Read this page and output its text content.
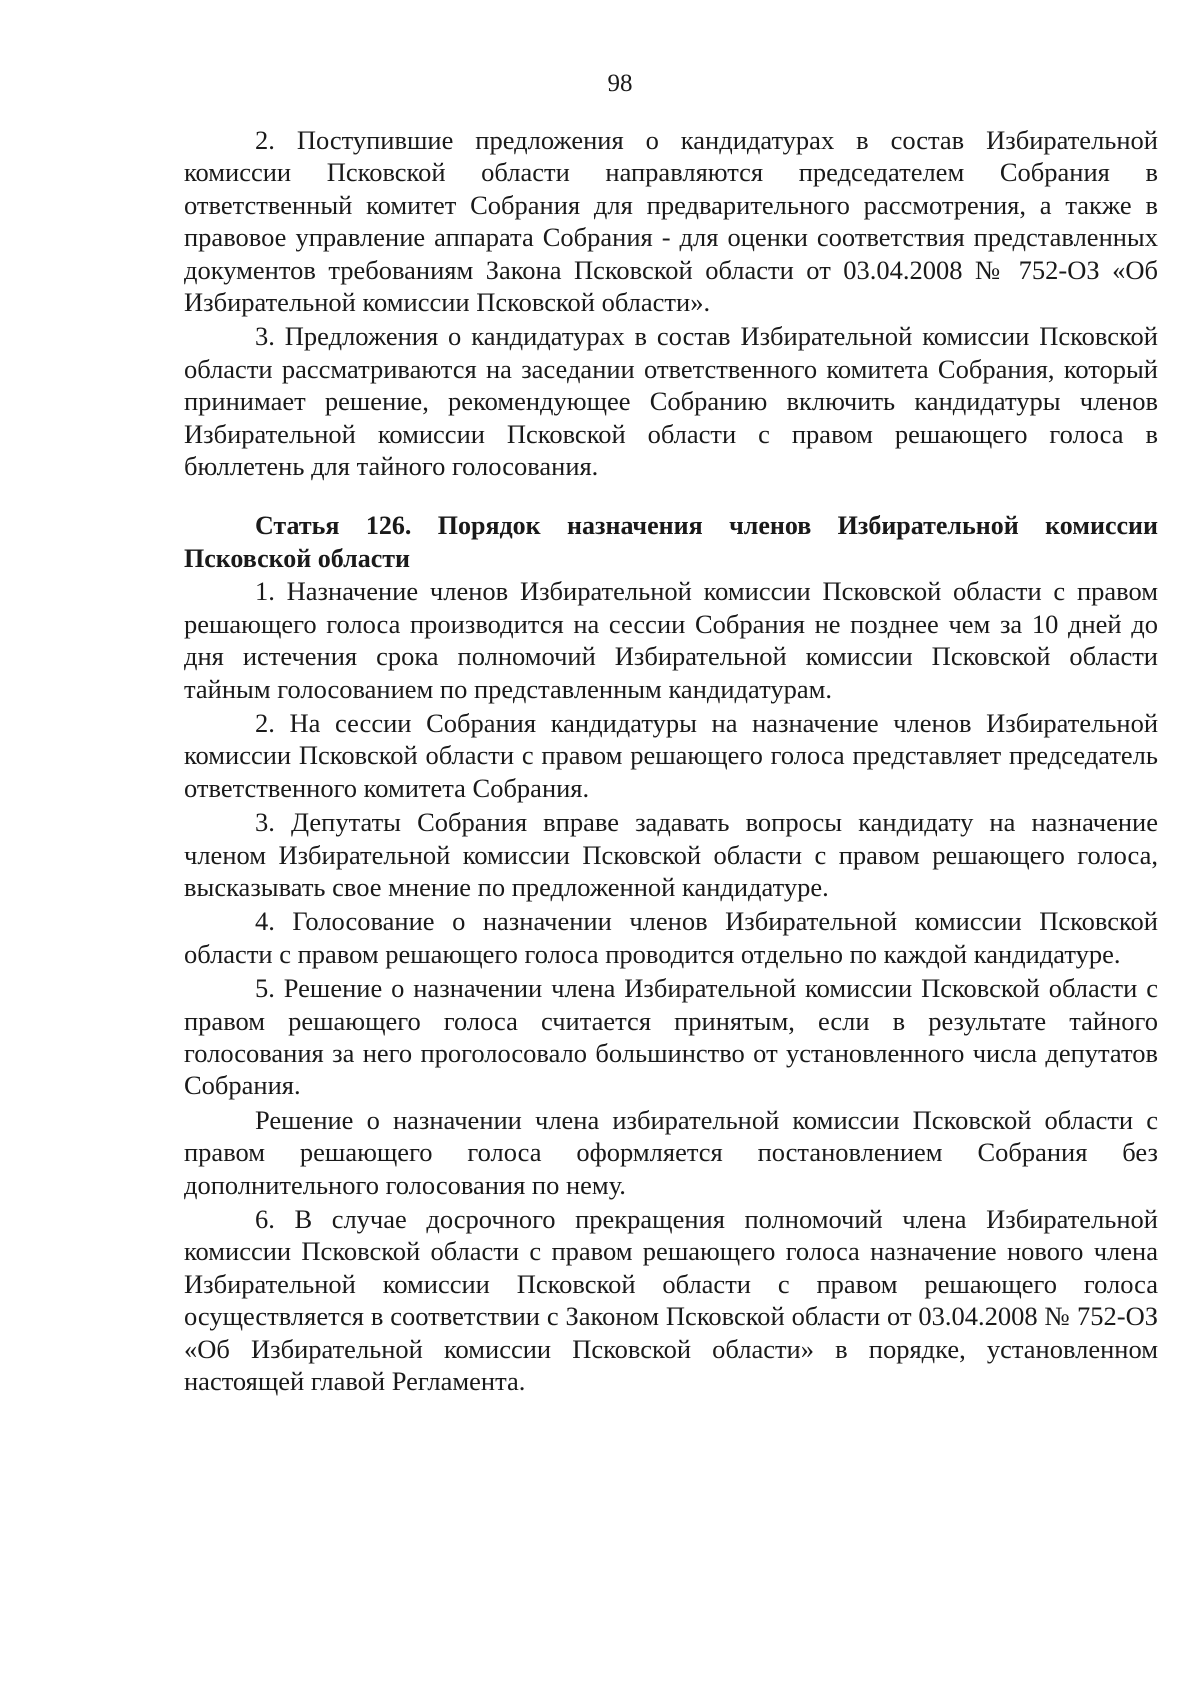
98

2. Поступившие предложения о кандидатурах в состав Избирательной комиссии Псковской области направляются председателем Собрания в ответственный комитет Собрания для предварительного рассмотрения, а также в правовое управление аппарата Собрания - для оценки соответствия представленных документов требованиям Закона Псковской области от 03.04.2008 № 752-ОЗ «Об Избирательной комиссии Псковской области».

3. Предложения о кандидатурах в состав Избирательной комиссии Псковской области рассматриваются на заседании ответственного комитета Собрания, который принимает решение, рекомендующее Собранию включить кандидатуры членов Избирательной комиссии Псковской области с правом решающего голоса в бюллетень для тайного голосования.

Статья 126. Порядок назначения членов Избирательной комиссии Псковской области

1. Назначение членов Избирательной комиссии Псковской области с правом решающего голоса производится на сессии Собрания не позднее чем за 10 дней до дня истечения срока полномочий Избирательной комиссии Псковской области тайным голосованием по представленным кандидатурам.

2. На сессии Собрания кандидатуры на назначение членов Избирательной комиссии Псковской области с правом решающего голоса представляет председатель ответственного комитета Собрания.

3. Депутаты Собрания вправе задавать вопросы кандидату на назначение членом Избирательной комиссии Псковской области с правом решающего голоса, высказывать свое мнение по предложенной кандидатуре.

4. Голосование о назначении членов Избирательной комиссии Псковской области с правом решающего голоса проводится отдельно по каждой кандидатуре.

5. Решение о назначении члена Избирательной комиссии Псковской области с правом решающего голоса считается принятым, если в результате тайного голосования за него проголосовало большинство от установленного числа депутатов Собрания.

Решение о назначении члена избирательной комиссии Псковской области с правом решающего голоса оформляется постановлением Собрания без дополнительного голосования по нему.

6. В случае досрочного прекращения полномочий члена Избирательной комиссии Псковской области с правом решающего голоса назначение нового члена Избирательной комиссии Псковской области с правом решающего голоса осуществляется в соответствии с Законом Псковской области от 03.04.2008 № 752-ОЗ «Об Избирательной комиссии Псковской области» в порядке, установленном настоящей главой Регламента.
